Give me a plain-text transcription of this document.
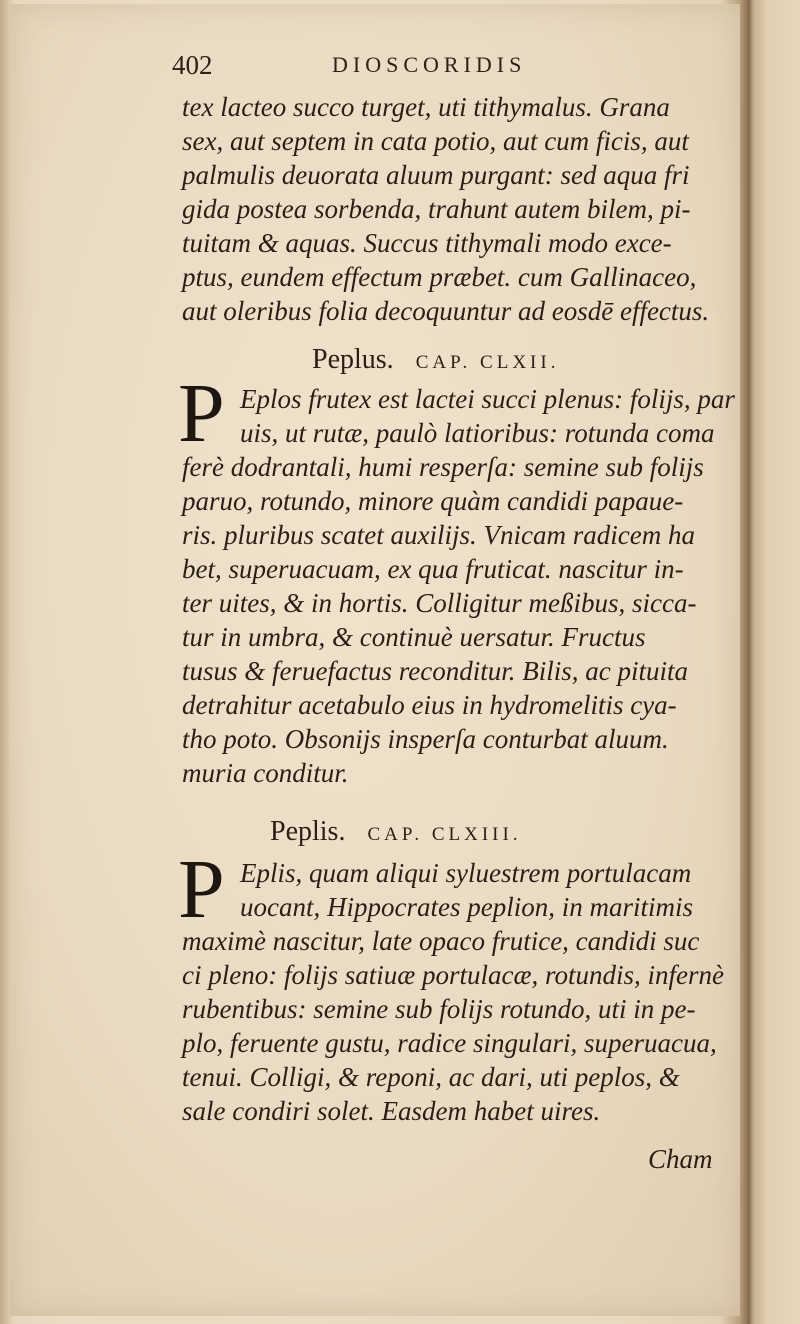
402	DIOSCORIDIS
tex lacteo succo turget, uti tithymalus. Grana
sex, aut septem in cata potio, aut cum ficis, aut
palmulis deuorata aluum purgant: sed aqua fri
gida postea sorbenda, trahunt autem bilem, pi-
tuitam & aquas. Succus tithymali modo exce-
ptus, eundem effectum præbet. cum Gallinaceo,
aut oleribus folia decoquuntur ad eosdē effectus.
Peplus. CAP. CLXII.
P Eplos frutex est lactei succi plenus: folijs, par
uis, ut rutæ, paulò latioribus: rotunda coma
ferè dodrantali, humi resperſa: semine sub folijs
paruo, rotundo, minore quàm candidi papaue-
ris. pluribus scatet auxilijs. Vnicam radicem ha
bet, superuacuam, ex qua fruticat. nascitur in-
ter uites, & in hortis. Colligitur meßibus, sicca-
tur in umbra, & continuè uersatur. Fructus
tusus & feruefactus reconditur. Bilis, ac pituita
detrahitur acetabulo eius in hydromelitis cya-
tho poto. Obsonijs insperſa conturbat aluum.
muria conditur.
Peplis. CAP. CLXIII.
P Eplis, quam aliqui syluestrem portulacam
uocant, Hippocrates peplion, in maritimis
maximè nascitur, late opaco frutice, candidi suc
ci pleno: folijs satiuæ portulacæ, rotundis, infernè
rubentibus: semine sub folijs rotundo, uti in pe-
plo, feruente gustu, radice singulari, superuacua,
tenui. Colligi, & reponi, ac dari, uti peplos, &
sale condiri solet. Easdem habet uires.
Cham
